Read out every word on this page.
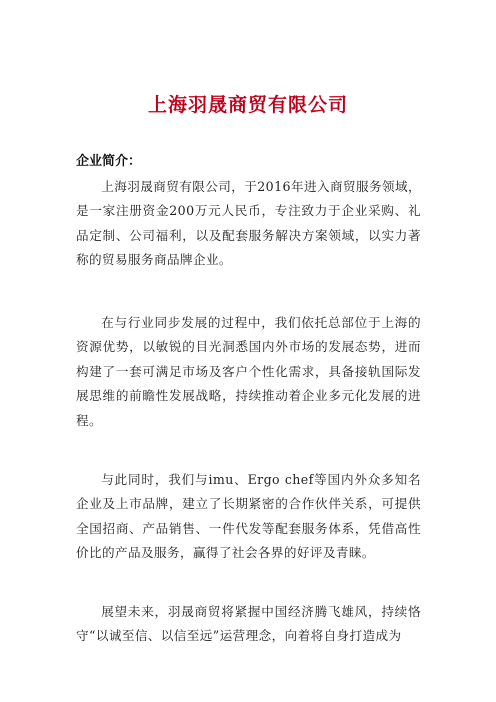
上海羽晟商贸有限公司
企业简介：

上海羽晟商贸有限公司，于2016年进入商贸服务领域，是一家注册资金200万元人民币，专注致力于企业采购、礼品定制、公司福利，以及配套服务解决方案领域，以实力著称的贸易服务商品牌企业。

在与行业同步发展的过程中，我们依托总部位于上海的资源优势，以敏锐的目光洞悉国内外市场的发展态势，进而构建了一套可满足市场及客户个性化需求，具备接轨国际发展思维的前瞻性发展战略，持续推动着企业多元化发展的进程。

与此同时，我们与imu、Ergo chef等国内外众多知名企业及上市品牌，建立了长期紧密的合作伙伴关系，可提供全国招商、产品销售、一件代发等配套服务体系，凭借高性价比的产品及服务，赢得了社会各界的好评及青睐。

展望未来，羽晟商贸将紧握中国经济腾飞雄风，持续恪守“以诚至信、以信至远”运营理念，向着将自身打造成为
